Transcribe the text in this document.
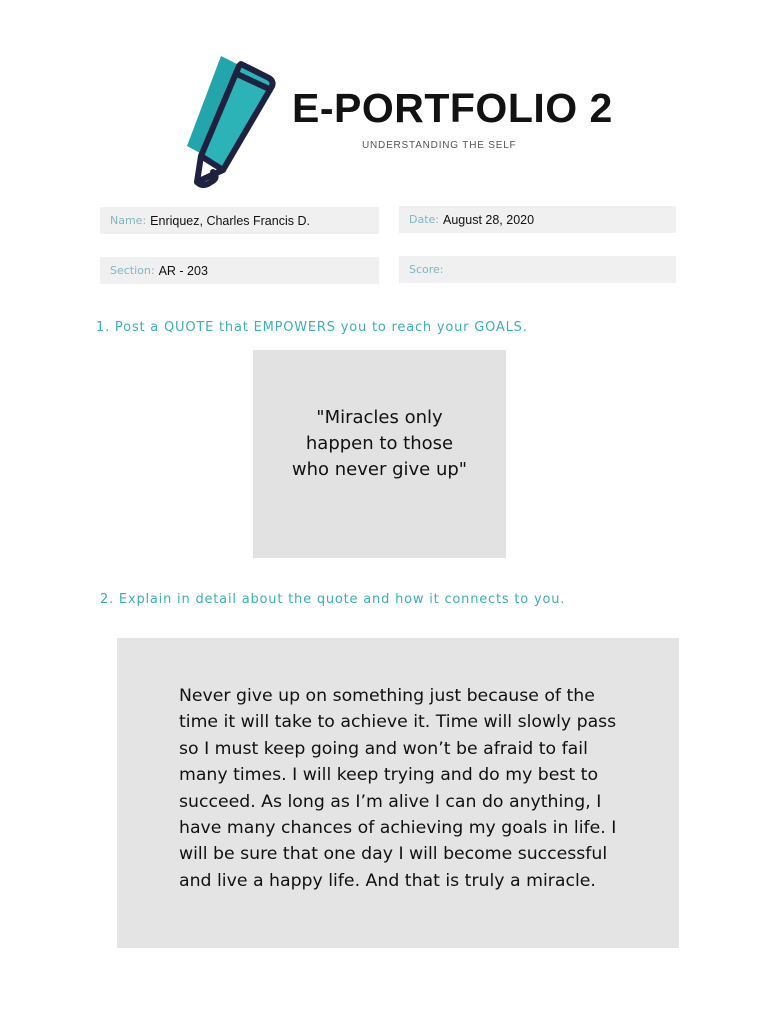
E-PORTFOLIO 2
UNDERSTANDING THE SELF
Name: Enriquez, Charles Francis D.	Date: August 28, 2020
Section: AR - 203	Score:
1. Post a QUOTE that EMPOWERS you to reach your GOALS.
"Miracles only happen to those who never give up"
2. Explain in detail about the quote and how it connects to you.
Never give up on something just because of the time it will take to achieve it. Time will slowly pass so I must keep going and won’t be afraid to fail many times. I will keep trying and do my best to succeed. As long as I’m alive I can do anything, I have many chances of achieving my goals in life. I will be sure that one day I will become successful and live a happy life. And that is truly a miracle.
